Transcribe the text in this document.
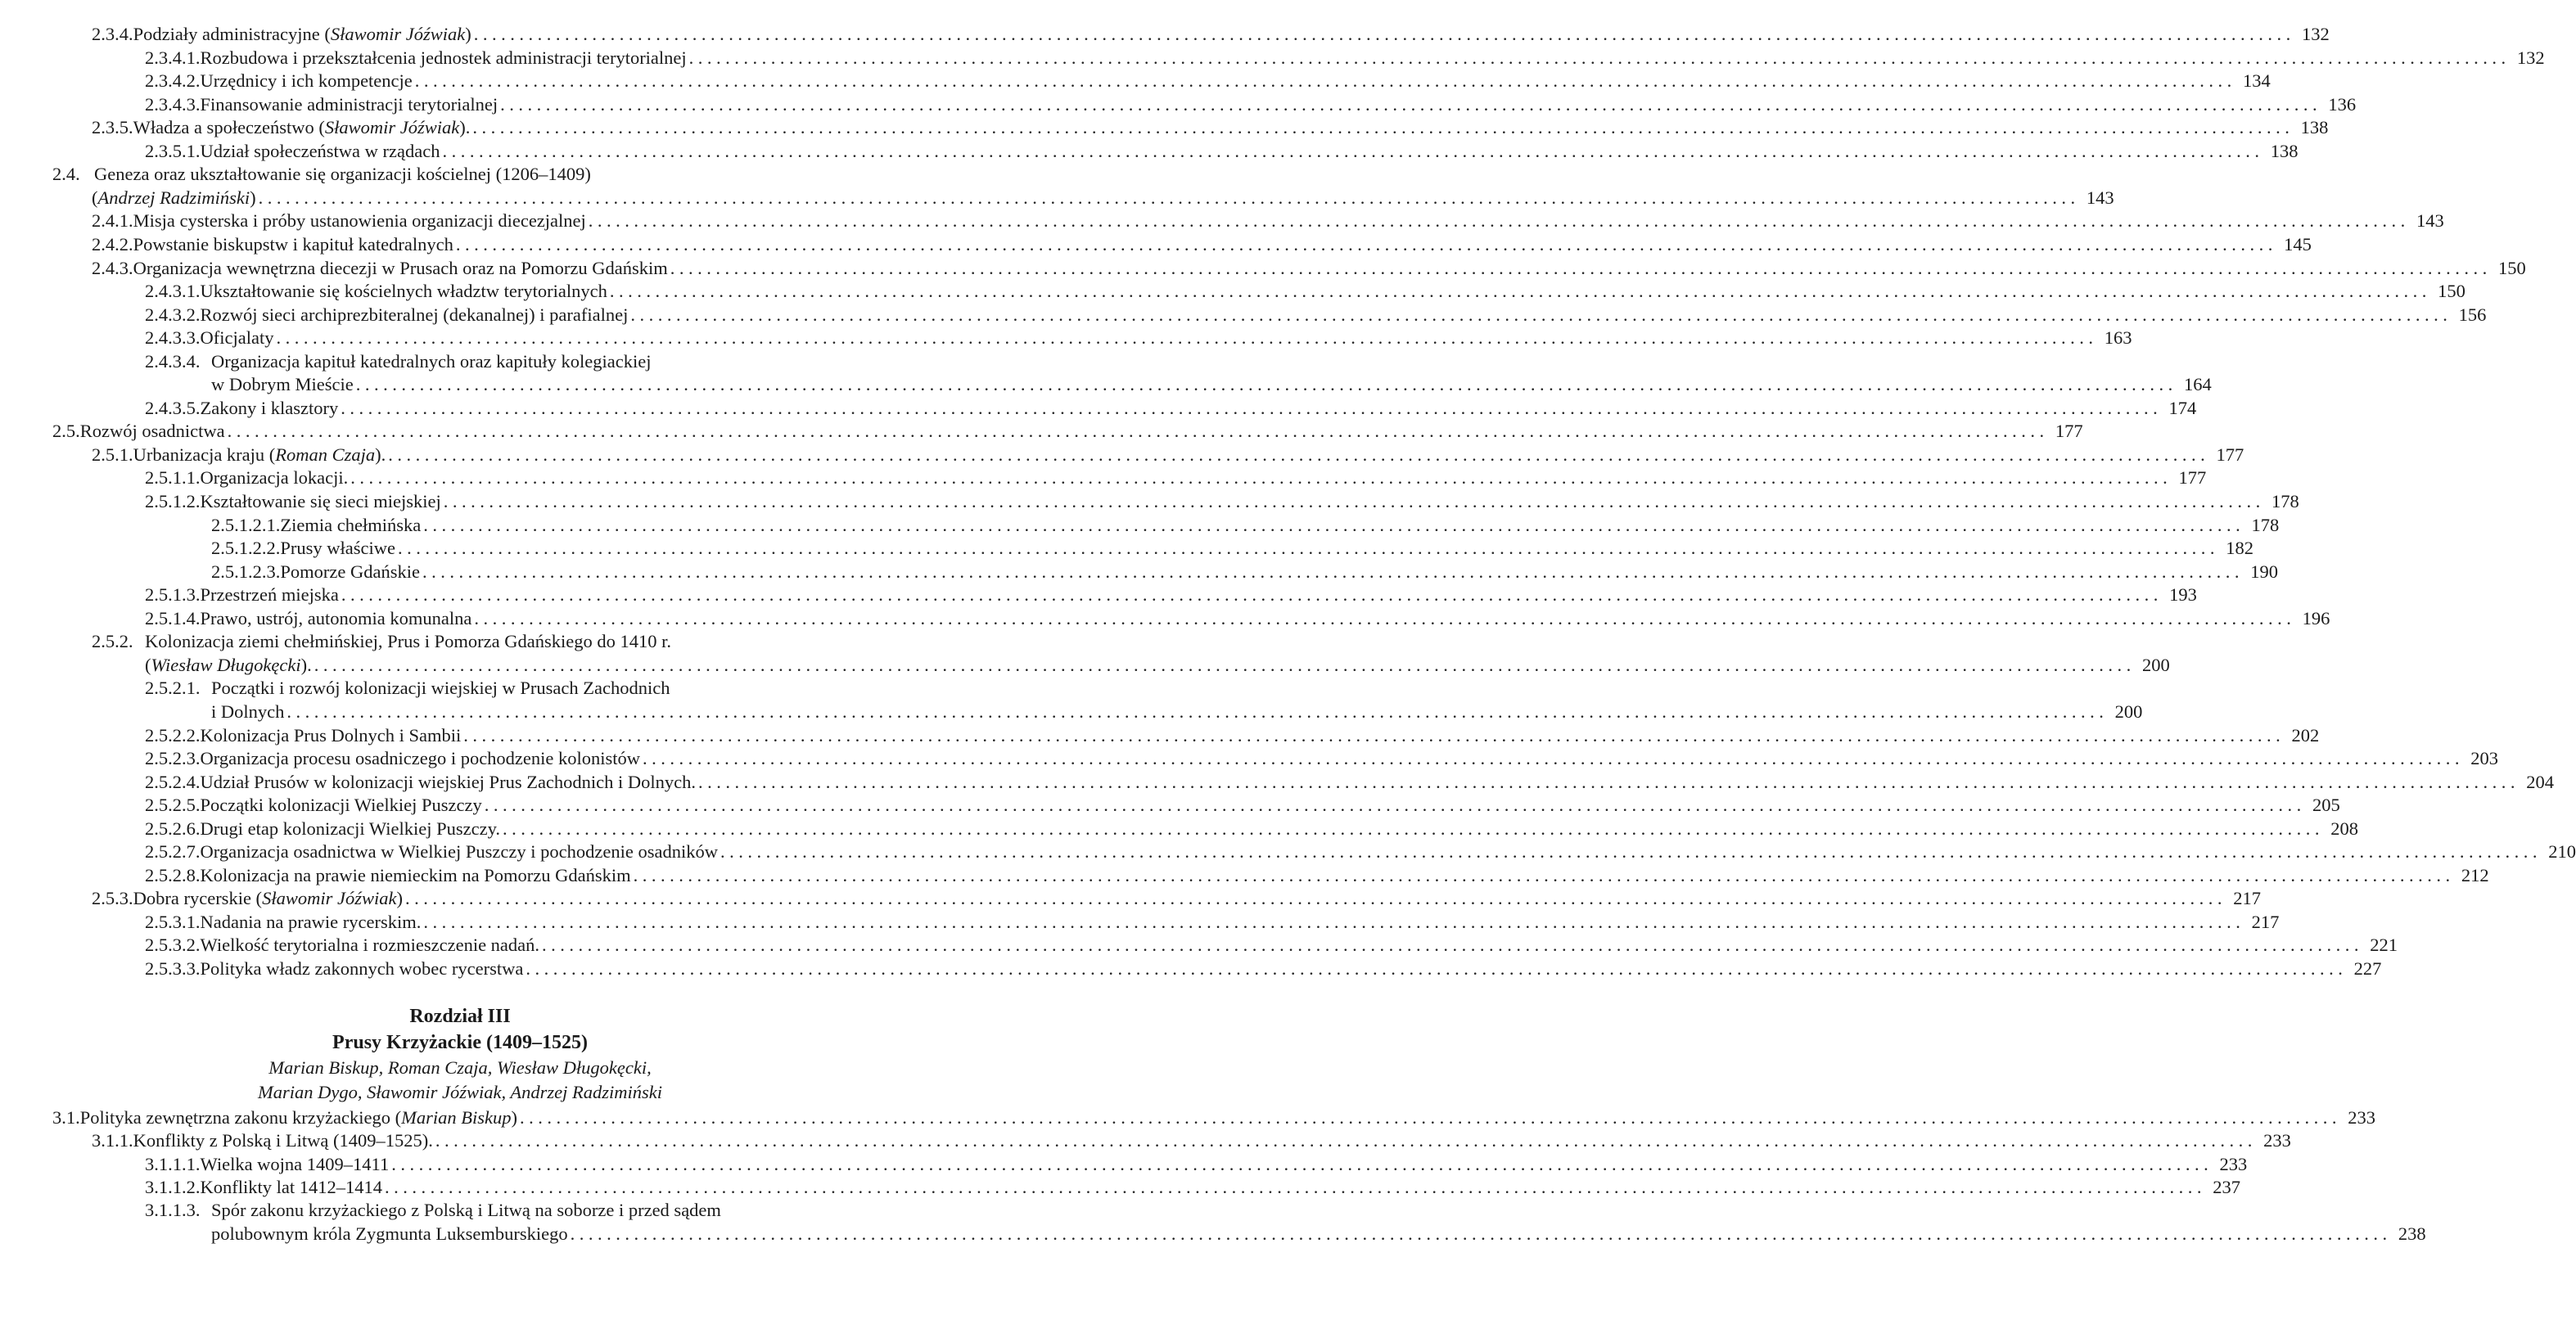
2.3.4. Podziały administracyjne (Sławomir Jóźwiak) ........................................................................................................................................................................................................ 132
2.3.4.1. Rozbudowa i przekształcenia jednostek administracji terytorialnej ........................................................................................................................................................................................................ 132
2.3.4.2. Urzędnicy i ich kompetencje ........................................................................................................................................................................................................ 134
2.3.4.3. Finansowanie administracji terytorialnej ........................................................................................................................................................................................................ 136
2.3.5. Władza a społeczeństwo (Sławomir Jóźwiak). ........................................................................................................................................................................................................ 138
2.3.5.1. Udział społeczeństwa w rządach ........................................................................................................................................................................................................ 138
2.4. Geneza oraz ukształtowanie się organizacji kościelnej (1206–1409)
(Andrzej Radzimiński) ........................................................................................................................................................................................................ 143
2.4.1. Misja cysterska i próby ustanowienia organizacji diecezjalnej ........................................................................................................................................................................................................ 143
2.4.2. Powstanie biskupstw i kapituł katedralnych ........................................................................................................................................................................................................ 145
2.4.3. Organizacja wewnętrzna diecezji w Prusach oraz na Pomorzu Gdańskim ........................................................................................................................................................................................................ 150
2.4.3.1. Ukształtowanie się kościelnych władztw terytorialnych ........................................................................................................................................................................................................ 150
2.4.3.2. Rozwój sieci archiprezbiteralnej (dekanalnej) i parafialnej ........................................................................................................................................................................................................ 156
2.4.3.3. Oficjalaty ........................................................................................................................................................................................................ 163
2.4.3.4. Organizacja kapituł katedralnych oraz kapituły kolegiackiej
w Dobrym Mieście ........................................................................................................................................................................................................ 164
2.4.3.5. Zakony i klasztory ........................................................................................................................................................................................................ 174
2.5. Rozwój osadnictwa ........................................................................................................................................................................................................ 177
2.5.1. Urbanizacja kraju (Roman Czaja). ........................................................................................................................................................................................................ 177
2.5.1.1. Organizacja lokacji. ........................................................................................................................................................................................................ 177
2.5.1.2. Kształtowanie się sieci miejskiej ........................................................................................................................................................................................................ 178
2.5.1.2.1. Ziemia chełmińska ........................................................................................................................................................................................................ 178
2.5.1.2.2. Prusy właściwe ........................................................................................................................................................................................................ 182
2.5.1.2.3. Pomorze Gdańskie ........................................................................................................................................................................................................ 190
2.5.1.3. Przestrzeń miejska ........................................................................................................................................................................................................ 193
2.5.1.4. Prawo, ustrój, autonomia komunalna ........................................................................................................................................................................................................ 196
2.5.2. Kolonizacja ziemi chełmińskiej, Prus i Pomorza Gdańskiego do 1410 r.
(Wiesław Długokęcki). ........................................................................................................................................................................................................ 200
2.5.2.1. Początki i rozwój kolonizacji wiejskiej w Prusach Zachodnich
i Dolnych ........................................................................................................................................................................................................ 200
2.5.2.2. Kolonizacja Prus Dolnych i Sambii ........................................................................................................................................................................................................ 202
2.5.2.3. Organizacja procesu osadniczego i pochodzenie kolonistów ........................................................................................................................................................................................................ 203
2.5.2.4. Udział Prusów w kolonizacji wiejskiej Prus Zachodnich i Dolnych. ........................................................................................................................................................................................................ 204
2.5.2.5. Początki kolonizacji Wielkiej Puszczy ........................................................................................................................................................................................................ 205
2.5.2.6. Drugi etap kolonizacji Wielkiej Puszczy. ........................................................................................................................................................................................................ 208
2.5.2.7. Organizacja osadnictwa w Wielkiej Puszczy i pochodzenie osadników ........................................................................................................................................................................................................ 210
2.5.2.8. Kolonizacja na prawie niemieckim na Pomorzu Gdańskim ........................................................................................................................................................................................................ 212
2.5.3. Dobra rycerskie (Sławomir Jóźwiak) ........................................................................................................................................................................................................ 217
2.5.3.1. Nadania na prawie rycerskim. ........................................................................................................................................................................................................ 217
2.5.3.2. Wielkość terytorialna i rozmieszczenie nadań. ........................................................................................................................................................................................................ 221
2.5.3.3. Polityka władz zakonnych wobec rycerstwa ........................................................................................................................................................................................................ 227
Rozdział III
Prusy Krzyżackie (1409–1525)
Marian Biskup, Roman Czaja, Wiesław Długokęcki,
Marian Dygo, Sławomir Jóźwiak, Andrzej Radzimiński
3.1. Polityka zewnętrzna zakonu krzyżackiego (Marian Biskup) ........................................................................................................................................................................................................ 233
3.1.1. Konflikty z Polską i Litwą (1409–1525). ........................................................................................................................................................................................................ 233
3.1.1.1. Wielka wojna 1409–1411 ........................................................................................................................................................................................................ 233
3.1.1.2. Konflikty lat 1412–1414 ........................................................................................................................................................................................................ 237
3.1.1.3. Spór zakonu krzyżackiego z Polską i Litwą na soborze i przed sądem
polubownym króla Zygmunta Luksemburskiego ........................................................................................................................................................................................................ 238
